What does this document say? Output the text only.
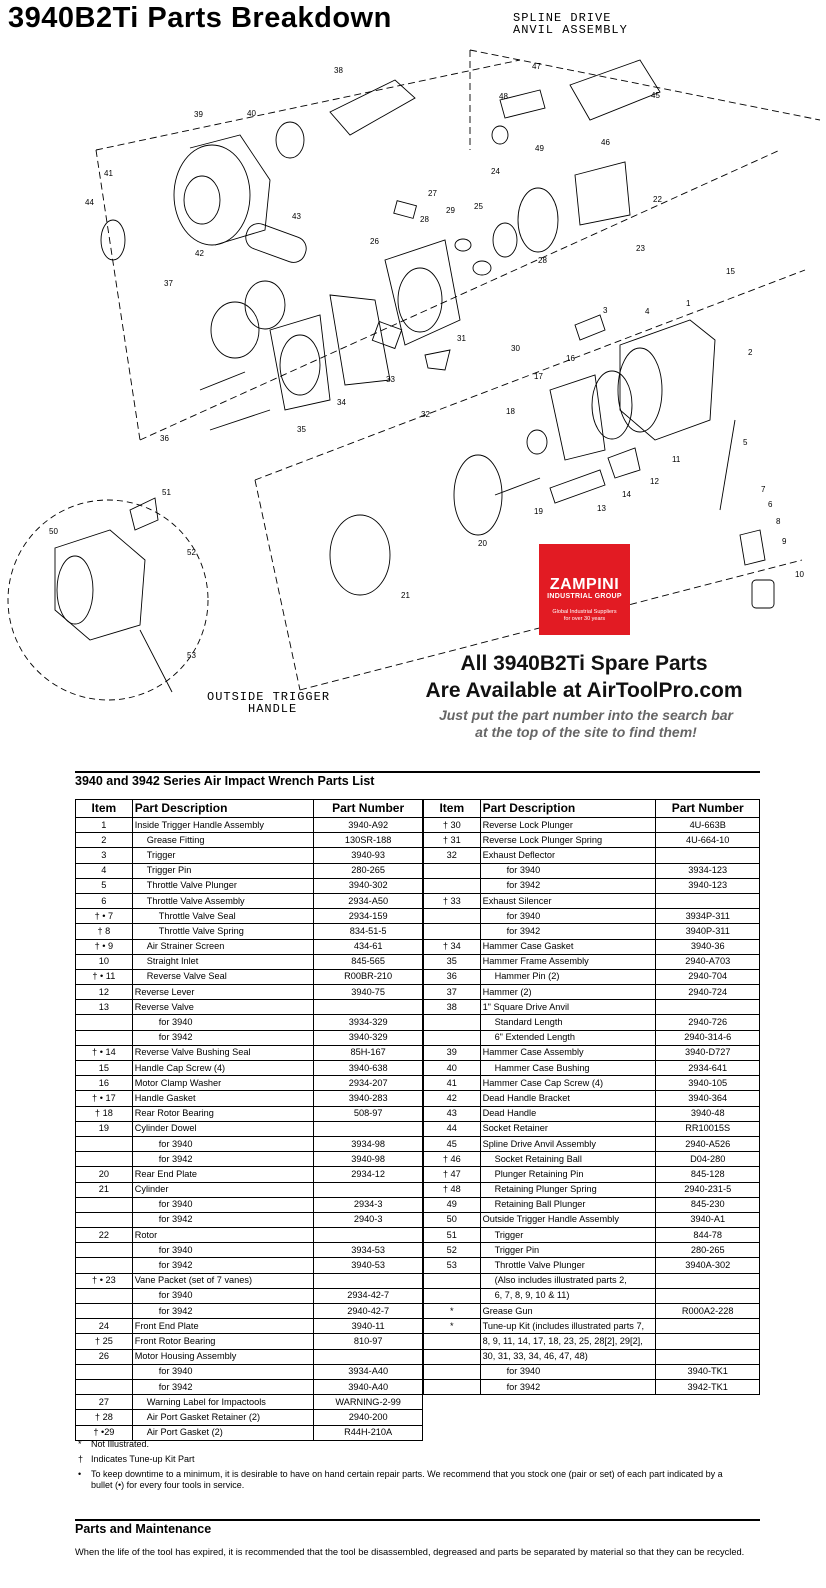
3940B2Ti Parts Breakdown	SPLINE DRIVE
ANVIL ASSEMBLY
OUTSIDE TRIGGER
HANDLE
1
2
3	4
5
6
7
8
9
10
11
12
13
14
15
16
17
18
19
20
21
22
23
24
25
26
27
28
28
29
30
31
32
33
34
35
36
37
38
39	40
41
42
43
44
45
46
47
48
49
50
51
52
53
ZAMPINI
INDUSTRIAL GROUP
Global Industrial Suppliers
for over 30 years
All 3940B2Ti Spare Parts
Are Available at AirToolPro.com
Just put the part number into the search bar
at the top of the site to find them!
3940 and 3942 Series Air Impact Wrench Parts List
Item	Part Description	Part Number
1	Inside Trigger Handle Assembly	3940-A92
2	Grease Fitting	130SR-188
3	Trigger	3940-93
4	Trigger Pin	280-265
5	Throttle Valve Plunger	3940-302
6	Throttle Valve Assembly	2934-A50
† • 7	Throttle Valve Seal	2934-159
† 8	Throttle Valve Spring	834-51-5
† • 9	Air Strainer Screen	434-61
10	Straight Inlet	845-565
† • 11	Reverse Valve Seal	R00BR-210
12	Reverse Lever	3940-75
13	Reverse Valve	
	for 3940	3934-329
	for 3942	3940-329
† • 14	Reverse Valve Bushing Seal	85H-167
15	Handle Cap Screw (4)	3940-638
16	Motor Clamp Washer	2934-207
† • 17	Handle Gasket	3940-283
† 18	Rear Rotor Bearing	508-97
19	Cylinder Dowel	
	for 3940	3934-98
	for 3942	3940-98
20	Rear End Plate	2934-12
21	Cylinder	
	for 3940	2934-3
	for 3942	2940-3
22	Rotor	
	for 3940	3934-53
	for 3942	3940-53
† • 23	Vane Packet (set of 7 vanes)	
	for 3940	2934-42-7
	for 3942	2940-42-7
24	Front End Plate	3940-11
† 25	Front Rotor Bearing	810-97
26	Motor Housing Assembly	
	for 3940	3934-A40
	for 3942	3940-A40
27	Warning Label for Impactools	WARNING-2-99
† 28	Air Port Gasket Retainer (2)	2940-200
† •29	Air Port Gasket (2)	R44H-210A
Item	Part Description	Part Number
† 30	Reverse Lock Plunger	4U-663B
† 31	Reverse Lock Plunger Spring	4U-664-10
32	Exhaust Deflector	
	for 3940	3934-123
	for 3942	3940-123
† 33	Exhaust Silencer	
	for 3940	3934P-311
	for 3942	3940P-311
† 34	Hammer Case Gasket	3940-36
35	Hammer Frame Assembly	2940-A703
36	Hammer Pin (2)	2940-704
37	Hammer (2)	2940-724
38	1" Square Drive Anvil	
	Standard Length	2940-726
	6" Extended Length	2940-314-6
39	Hammer Case Assembly	3940-D727
40	Hammer Case Bushing	2934-641
41	Hammer Case Cap Screw (4)	3940-105
42	Dead Handle Bracket	3940-364
43	Dead Handle	3940-48
44	Socket Retainer	RR10015S
45	Spline Drive Anvil Assembly	2940-A526
† 46	Socket Retaining Ball	D04-280
† 47	Plunger Retaining Pin	845-128
† 48	Retaining Plunger Spring	2940-231-5
49	Retaining Ball Plunger	845-230
50	Outside Trigger Handle Assembly	3940-A1
51	Trigger	844-78
52	Trigger Pin	280-265
53	Throttle Valve Plunger	3940A-302
	(Also includes illustrated parts 2,	
	6, 7, 8, 9, 10 & 11)	
*	Grease Gun	R000A2-228
*	Tune-up Kit (includes illustrated parts 7,	
	8, 9, 11, 14, 17, 18, 23, 25, 28[2], 29[2],	
	30, 31, 33, 34, 46, 47, 48)	
	for 3940	3940-TK1
	for 3942	3942-TK1
* Not Illustrated.
† Indicates Tune-up Kit Part
• To keep downtime to a minimum, it is desirable to have on hand certain repair parts. We recommend that you stock one (pair or set) of each part indicated by a
bullet (•) for every four tools in service.
Parts and Maintenance
When the life of the tool has expired, it is recommended that the tool be disassembled, degreased and parts be separated by material so that they can be recycled.
